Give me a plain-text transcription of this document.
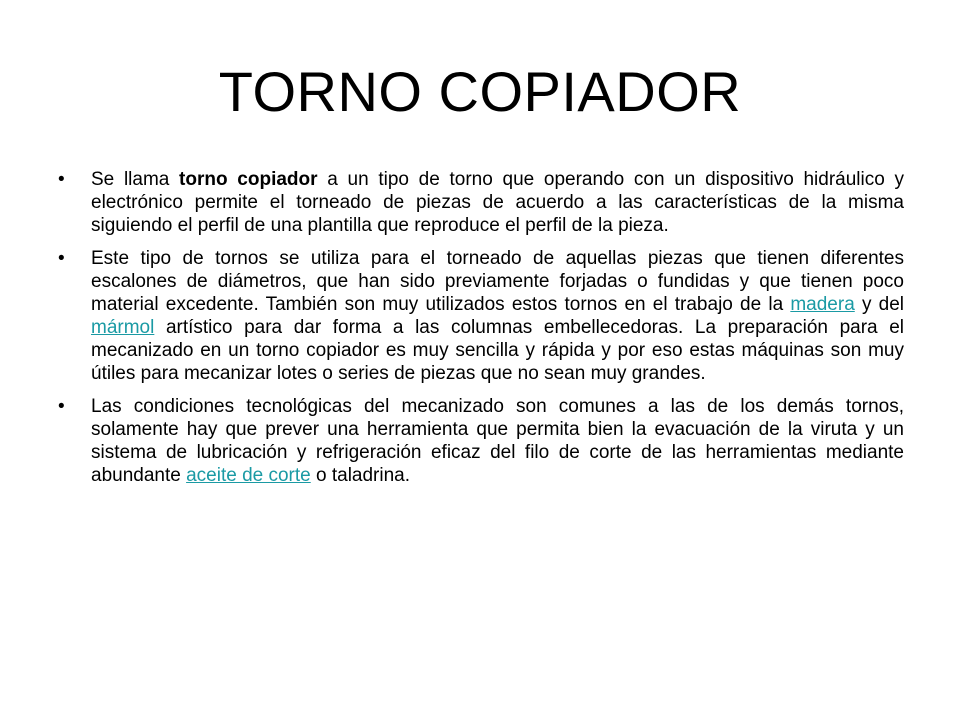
TORNO COPIADOR
•	Se llama torno copiador a un tipo de torno que operando con un dispositivo hidráulico y electrónico permite el torneado de piezas de acuerdo a las características de la misma siguiendo el perfil de una plantilla que reproduce el perfil de la pieza.
•	Este tipo de tornos se utiliza para el torneado de aquellas piezas que tienen diferentes escalones de diámetros, que han sido previamente forjadas o fundidas y que tienen poco material excedente. También son muy utilizados estos tornos en el trabajo de la madera y del mármol artístico para dar forma a las columnas embellecedoras. La preparación para el mecanizado en un torno copiador es muy sencilla y rápida y por eso estas máquinas son muy útiles para mecanizar lotes o series de piezas que no sean muy grandes.
•	Las condiciones tecnológicas del mecanizado son comunes a las de los demás tornos, solamente hay que prever una herramienta que permita bien la evacuación de la viruta y un sistema de lubricación y refrigeración eficaz del filo de corte de las herramientas mediante abundante aceite de corte o taladrina.
